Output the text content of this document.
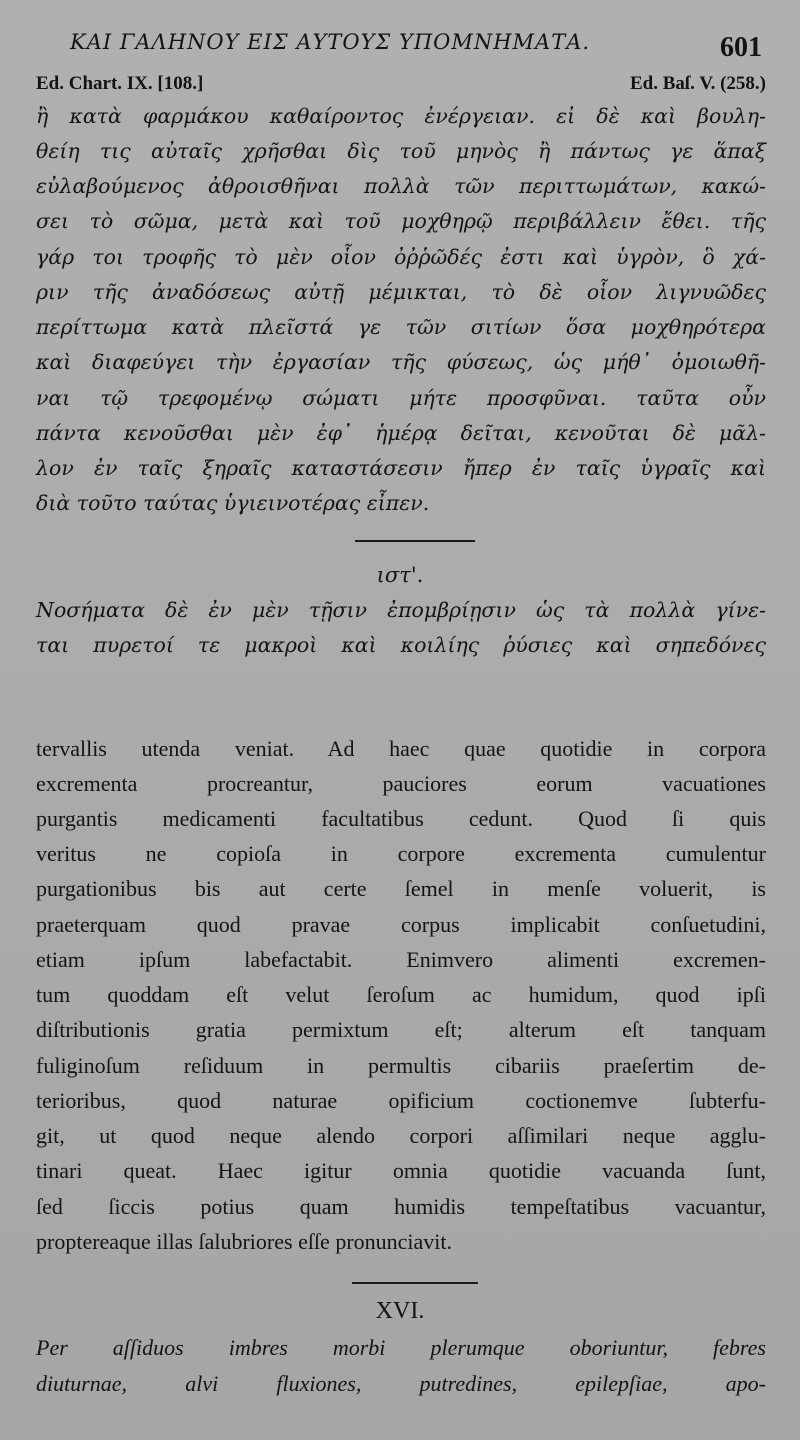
ΚΑΙ ΓΑΛΗΝΟΥ ΕΙΣ ΑΥΤΟΥΣ ΥΠΟΜΝΗΜΑΤΑ.	601
Ed. Chart. IX. [108.]	Ed. Baſ. V. (258.)
ἢ κατὰ φαρμάκου καθαίροντος ἐνέργειαν. εἰ δὲ καὶ βουλη-
θείη τις αὐταῖς χρῆσθαι δὶς τοῦ μηνὸς ἢ πάντως γε ἅπαξ
εὐλαβούμενος ἀθροισθῆναι πολλὰ τῶν περιττωμάτων, κακώ-
σει τὸ σῶμα, μετὰ καὶ τοῦ μοχθηρῷ περιβάλλειν ἔθει. τῆς
γάρ τοι τροφῆς τὸ μὲν οἷον ὀῤῥῶδές ἐστι καὶ ὑγρὸν, ὃ χά-
ριν τῆς ἀναδόσεως αὐτῇ μέμικται, τὸ δὲ οἷον λιγνυῶδες
περίττωμα κατὰ πλεῖστά γε τῶν σιτίων ὅσα μοχθηρότερα
καὶ διαφεύγει τὴν ἐργασίαν τῆς φύσεως, ὡς μήθ᾽ ὁμοιωθῆ-
ναι τῷ τρεφομένῳ σώματι μήτε προσφῦναι. ταῦτα οὖν
πάντα κενοῦσθαι μὲν ἐφ᾽ ἡμέρᾳ δεῖται, κενοῦται δὲ μᾶλ-
λον ἐν ταῖς ξηραῖς καταστάσεσιν ἤπερ ἐν ταῖς ὑγραῖς καὶ
διὰ τοῦτο ταύτας ὑγιεινοτέρας εἶπεν.
ιστ'.
Νοσήματα δὲ ἐν μὲν τῇσιν ἐπομβρίῃσιν ὡς τὰ πολλὰ γίνε-
ται πυρετοί τε μακροὶ καὶ κοιλίης ῥύσιες καὶ σηπεδόνες
tervallis utenda veniat. Ad haec quae quotidie in corpora
excrementa procreantur, pauciores eorum vacuationes
purgantis medicamenti facultatibus cedunt. Quod ſi quis
veritus ne copioſa in corpore excrementa cumulentur
purgationibus bis aut certe ſemel in menſe voluerit, is
praeterquam quod pravae corpus implicabit conſuetudini,
etiam ipſum labefactabit. Enimvero alimenti excremen-
tum quoddam eſt velut ſeroſum ac humidum, quod ipſi
diſtributionis gratia permixtum eſt; alterum eſt tanquam
fuliginoſum reſiduum in permultis cibariis praeſertim de-
terioribus, quod naturae opificium coctionemve ſubterfu-
git, ut quod neque alendo corpori aſſimilari neque agglu-
tinari queat. Haec igitur omnia quotidie vacuanda ſunt,
ſed ſiccis potius quam humidis tempeſtatibus vacuantur,
proptereaque illas ſalubriores eſſe pronunciavit.
XVI.
Per aſſiduos imbres morbi plerumque oboriuntur, febres
diuturnae, alvi fluxiones, putredines, epilepſiae, apo-
